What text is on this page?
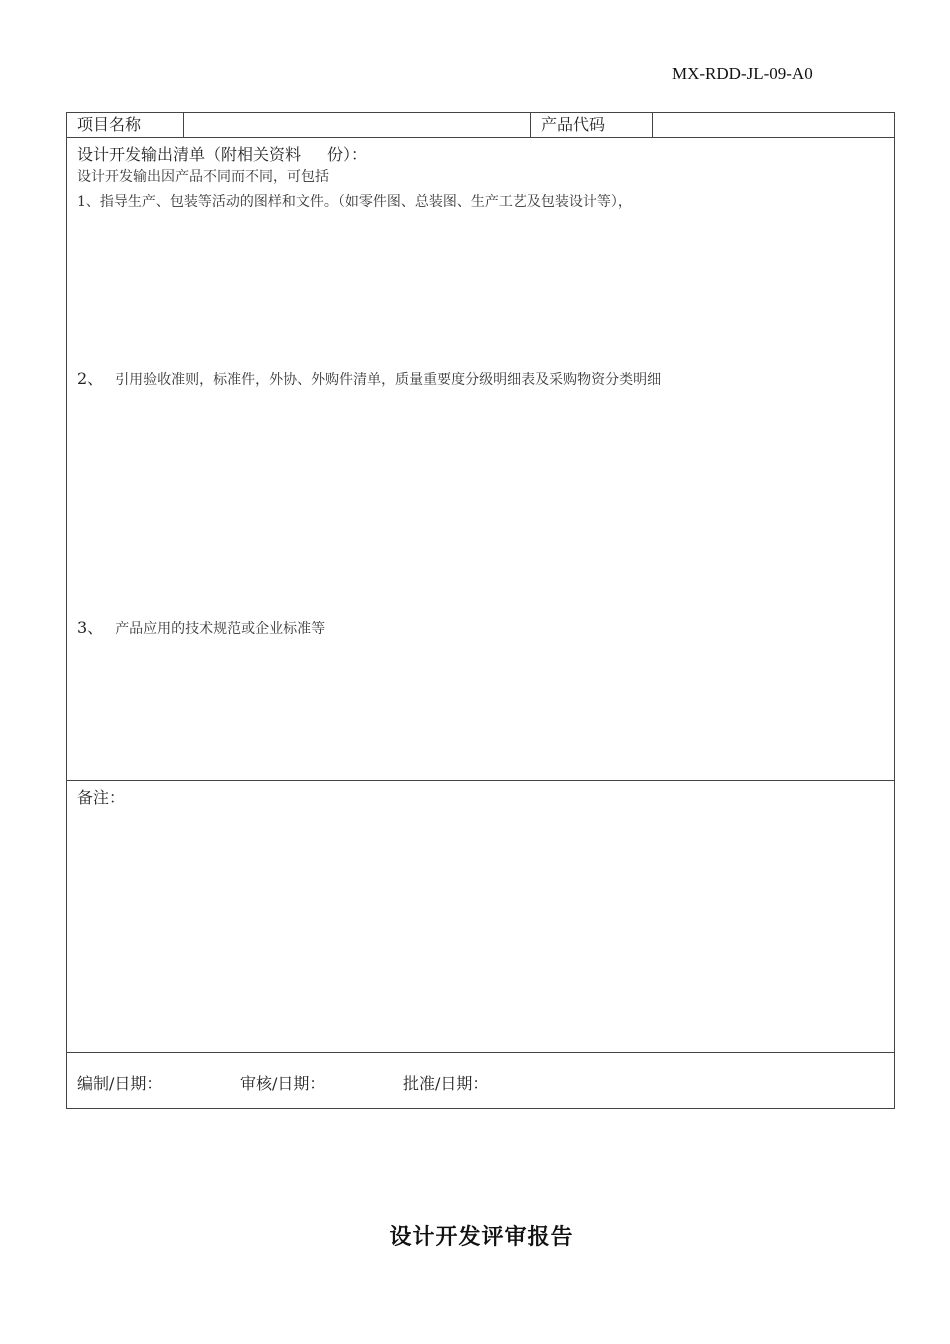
MX-RDD-JL-09-A0
项目名称	产品代码
设计开发输出清单（附相关资料 份）：
设计开发输出因产品不同而不同，可包括
1、指导生产、包装等活动的图样和文件。（如零件图、总装图、生产工艺及包装设计等），
2、 引用验收准则，标准件，外协、外购件清单，质量重要度分级明细表及采购物资分类明细
3、 产品应用的技术规范或企业标准等
备注：
编制/日期：	审核/日期：	批准/日期：
设计开发评审报告
